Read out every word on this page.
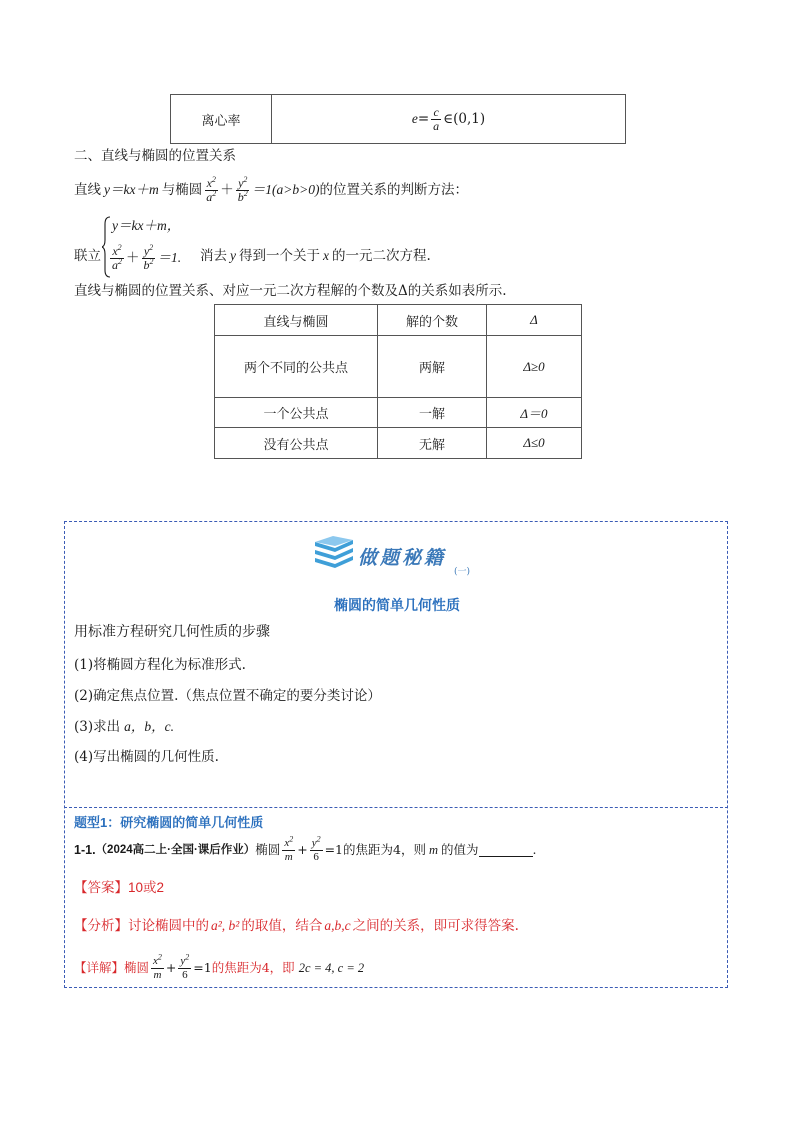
离心率	$e = \frac{c}{a}$ ∈(0,1)
二、直线与椭圆的位置关系
直线 y＝kx＋m 与椭圆 $\frac{x^2}{a^2} + \frac{y^2}{b^2} =1(a>b>0)$ 的位置关系的判断方法：
联立
y＝kx＋m，
$\frac{x^2}{a^2} + \frac{y^2}{b^2} =1$. 消去 y 得到一个关于 x 的一元二次方程.
直线与椭圆的位置关系、对应一元二次方程解的个数及Δ的关系如表所示.
直线与椭圆	解的个数	Δ
两个不同的公共点	两解	Δ≥0
一个公共点	一解	Δ＝0
没有公共点	无解	Δ≤0
做题秘籍
(一)
椭圆的简单几何性质
用标准方程研究几何性质的步骤
(1)将椭圆方程化为标准形式.
(2)确定焦点位置.（焦点位置不确定的要分类讨论）
(3)求出 a，b，c.
(4)写出椭圆的几何性质.
题型1：研究椭圆的简单几何性质
1-1. （2024高二上·全国·课后作业） 椭圆 $\frac{x^2}{m} + \frac{y^2}{6} =1$ 的焦距为4，则 m 的值为	.
【答案】10或2
【分析】讨论椭圆中的 a², b² 的取值，结合 a,b,c 之间的关系，即可求得答案.
【详解】 椭圆 $\frac{x^2}{m} + \frac{y^2}{6} =1$ 的焦距为4，即 2c = 4, c = 2
